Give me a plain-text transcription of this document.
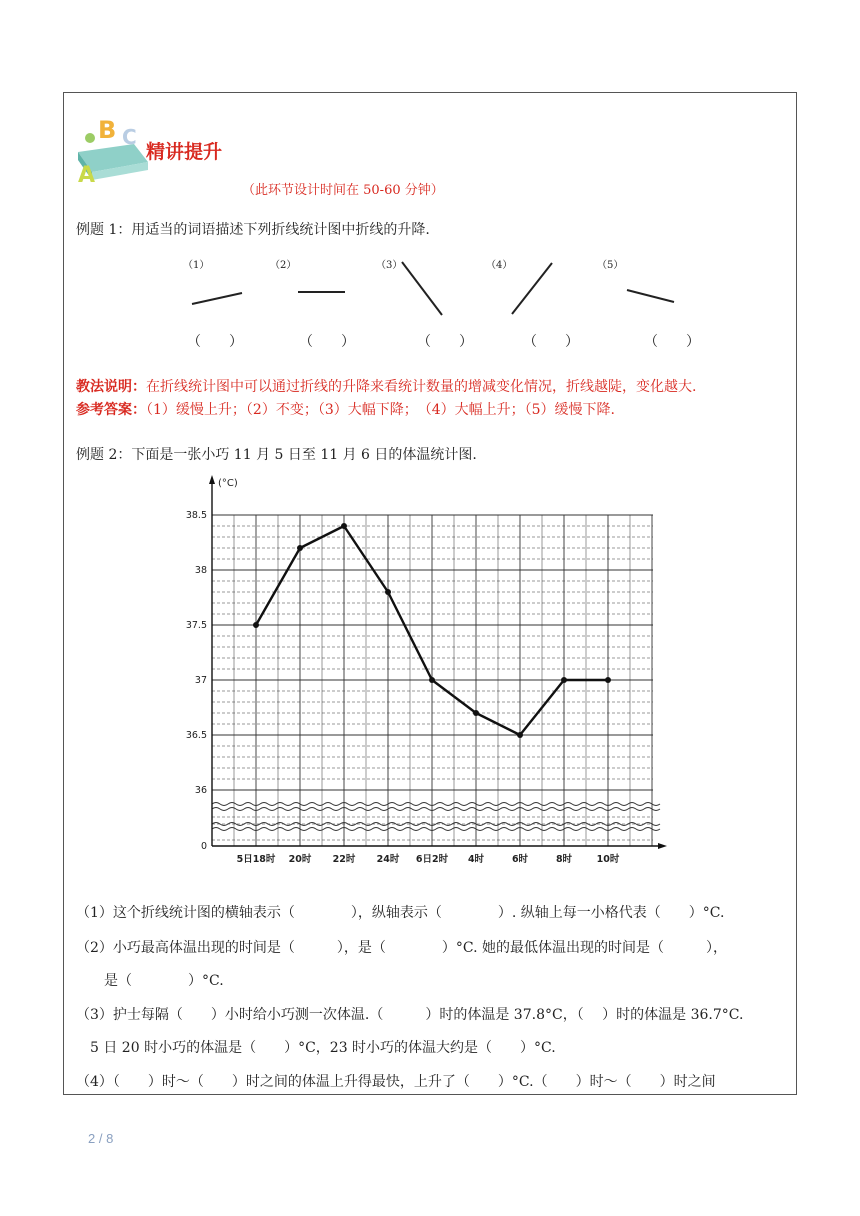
B C
A
精讲提升
（此环节设计时间在 50-60 分钟）
例题 1：用适当的词语描述下列折线统计图中折线的升降.
（1）	（2）	（3）	（4）	（5）
（　　）	（　　）	（　　）	（　　）	（　　）
教法说明：在折线统计图中可以通过折线的升降来看统计数量的增减变化情况，折线越陡，变化越大.
参考答案：（1）缓慢上升；（2）不变；（3）大幅下降；　（4）大幅上升；（5）缓慢下降.
例题 2：下面是一张小巧 11 月 5 日至 11 月 6 日的体温统计图.
38.5
38
37.5
37
36.5
36
0
5日18时 20时 22时 24时 6日2时 4时	6时	8时	10时
(°C)
（1）这个折线统计图的横轴表示（　　　　），纵轴表示（　　　　）. 纵轴上每一小格代表（　　）°C.
（2）小巧最高体温出现的时间是（　　　），是（　　　　）°C. 她的最低体温出现的时间是（　　　），
　　是（　　　　）°C.
（3）护士每隔（　　）小时给小巧测一次体温.（　　　）时的体温是 37.8°C，（　 ）时的体温是 36.7°C.
　5 日 20 时小巧的体温是（　　）°C，23 时小巧的体温大约是（　　）°C.
（4）（　　）时～（　　）时之间的体温上升得最快，上升了（　　）°C.（　　）时～（　　）时之间
2 / 8
